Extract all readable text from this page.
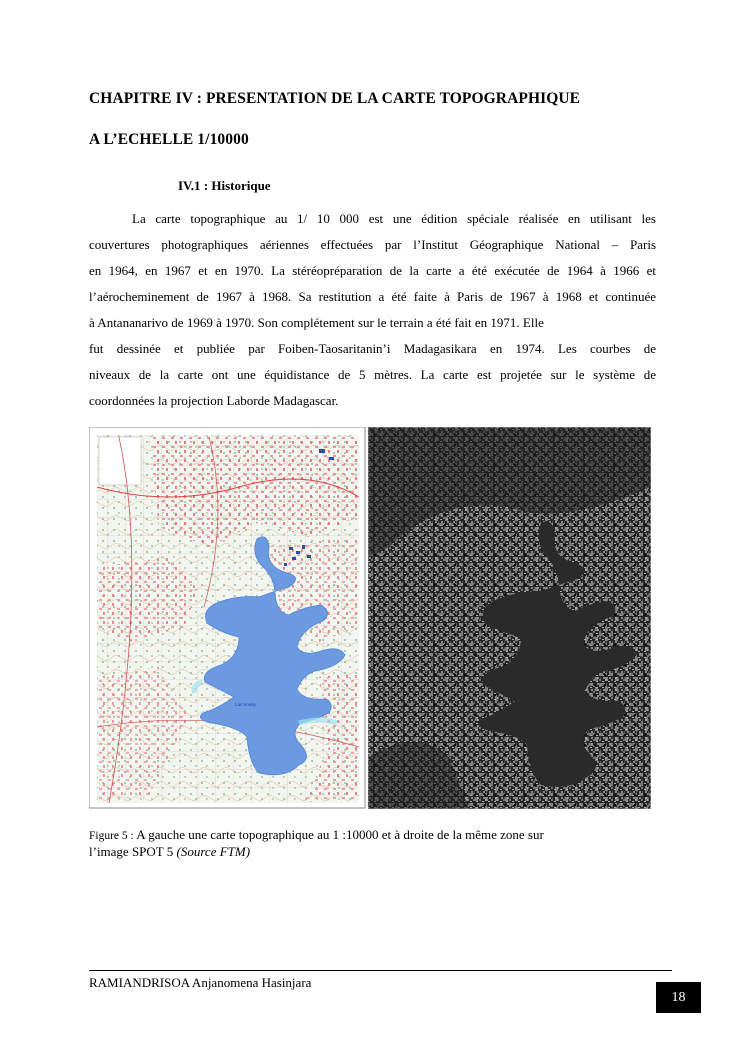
CHAPITRE IV : PRESENTATION DE LA CARTE TOPOGRAPHIQUE
A L’ECHELLE 1/10000
IV.1 : Historique
La carte topographique au 1/ 10 000 est une édition spéciale réalisée en utilisant les
couvertures photographiques aériennes effectuées par l’Institut Géographique National – Paris
en 1964, en 1967 et en 1970. La stéréopréparation de la carte a été exécutée de 1964 à 1966 et
l’aérocheminement de 1967 à 1968. Sa restitution a été faite à Paris de 1967 à 1968 et continuée
à Antananarivo de 1969 à 1970. Son complétement sur le terrain a été fait en 1971. Elle
fut dessinée et publiée par Foiben-Taosaritanin’i Madagasikara en 1974. Les courbes de
niveaux de la carte ont une équidistance de 5 mètres. La carte est projetée sur le système de
coordonnées la projection Laborde Madagascar.
Lac Anosy
Figure 5 : A gauche une carte topographique au 1 :10000 et à droite de la même zone sur
l’image SPOT 5 (Source FTM)
RAMIANDRISOA Anjanomena Hasinjara
18
